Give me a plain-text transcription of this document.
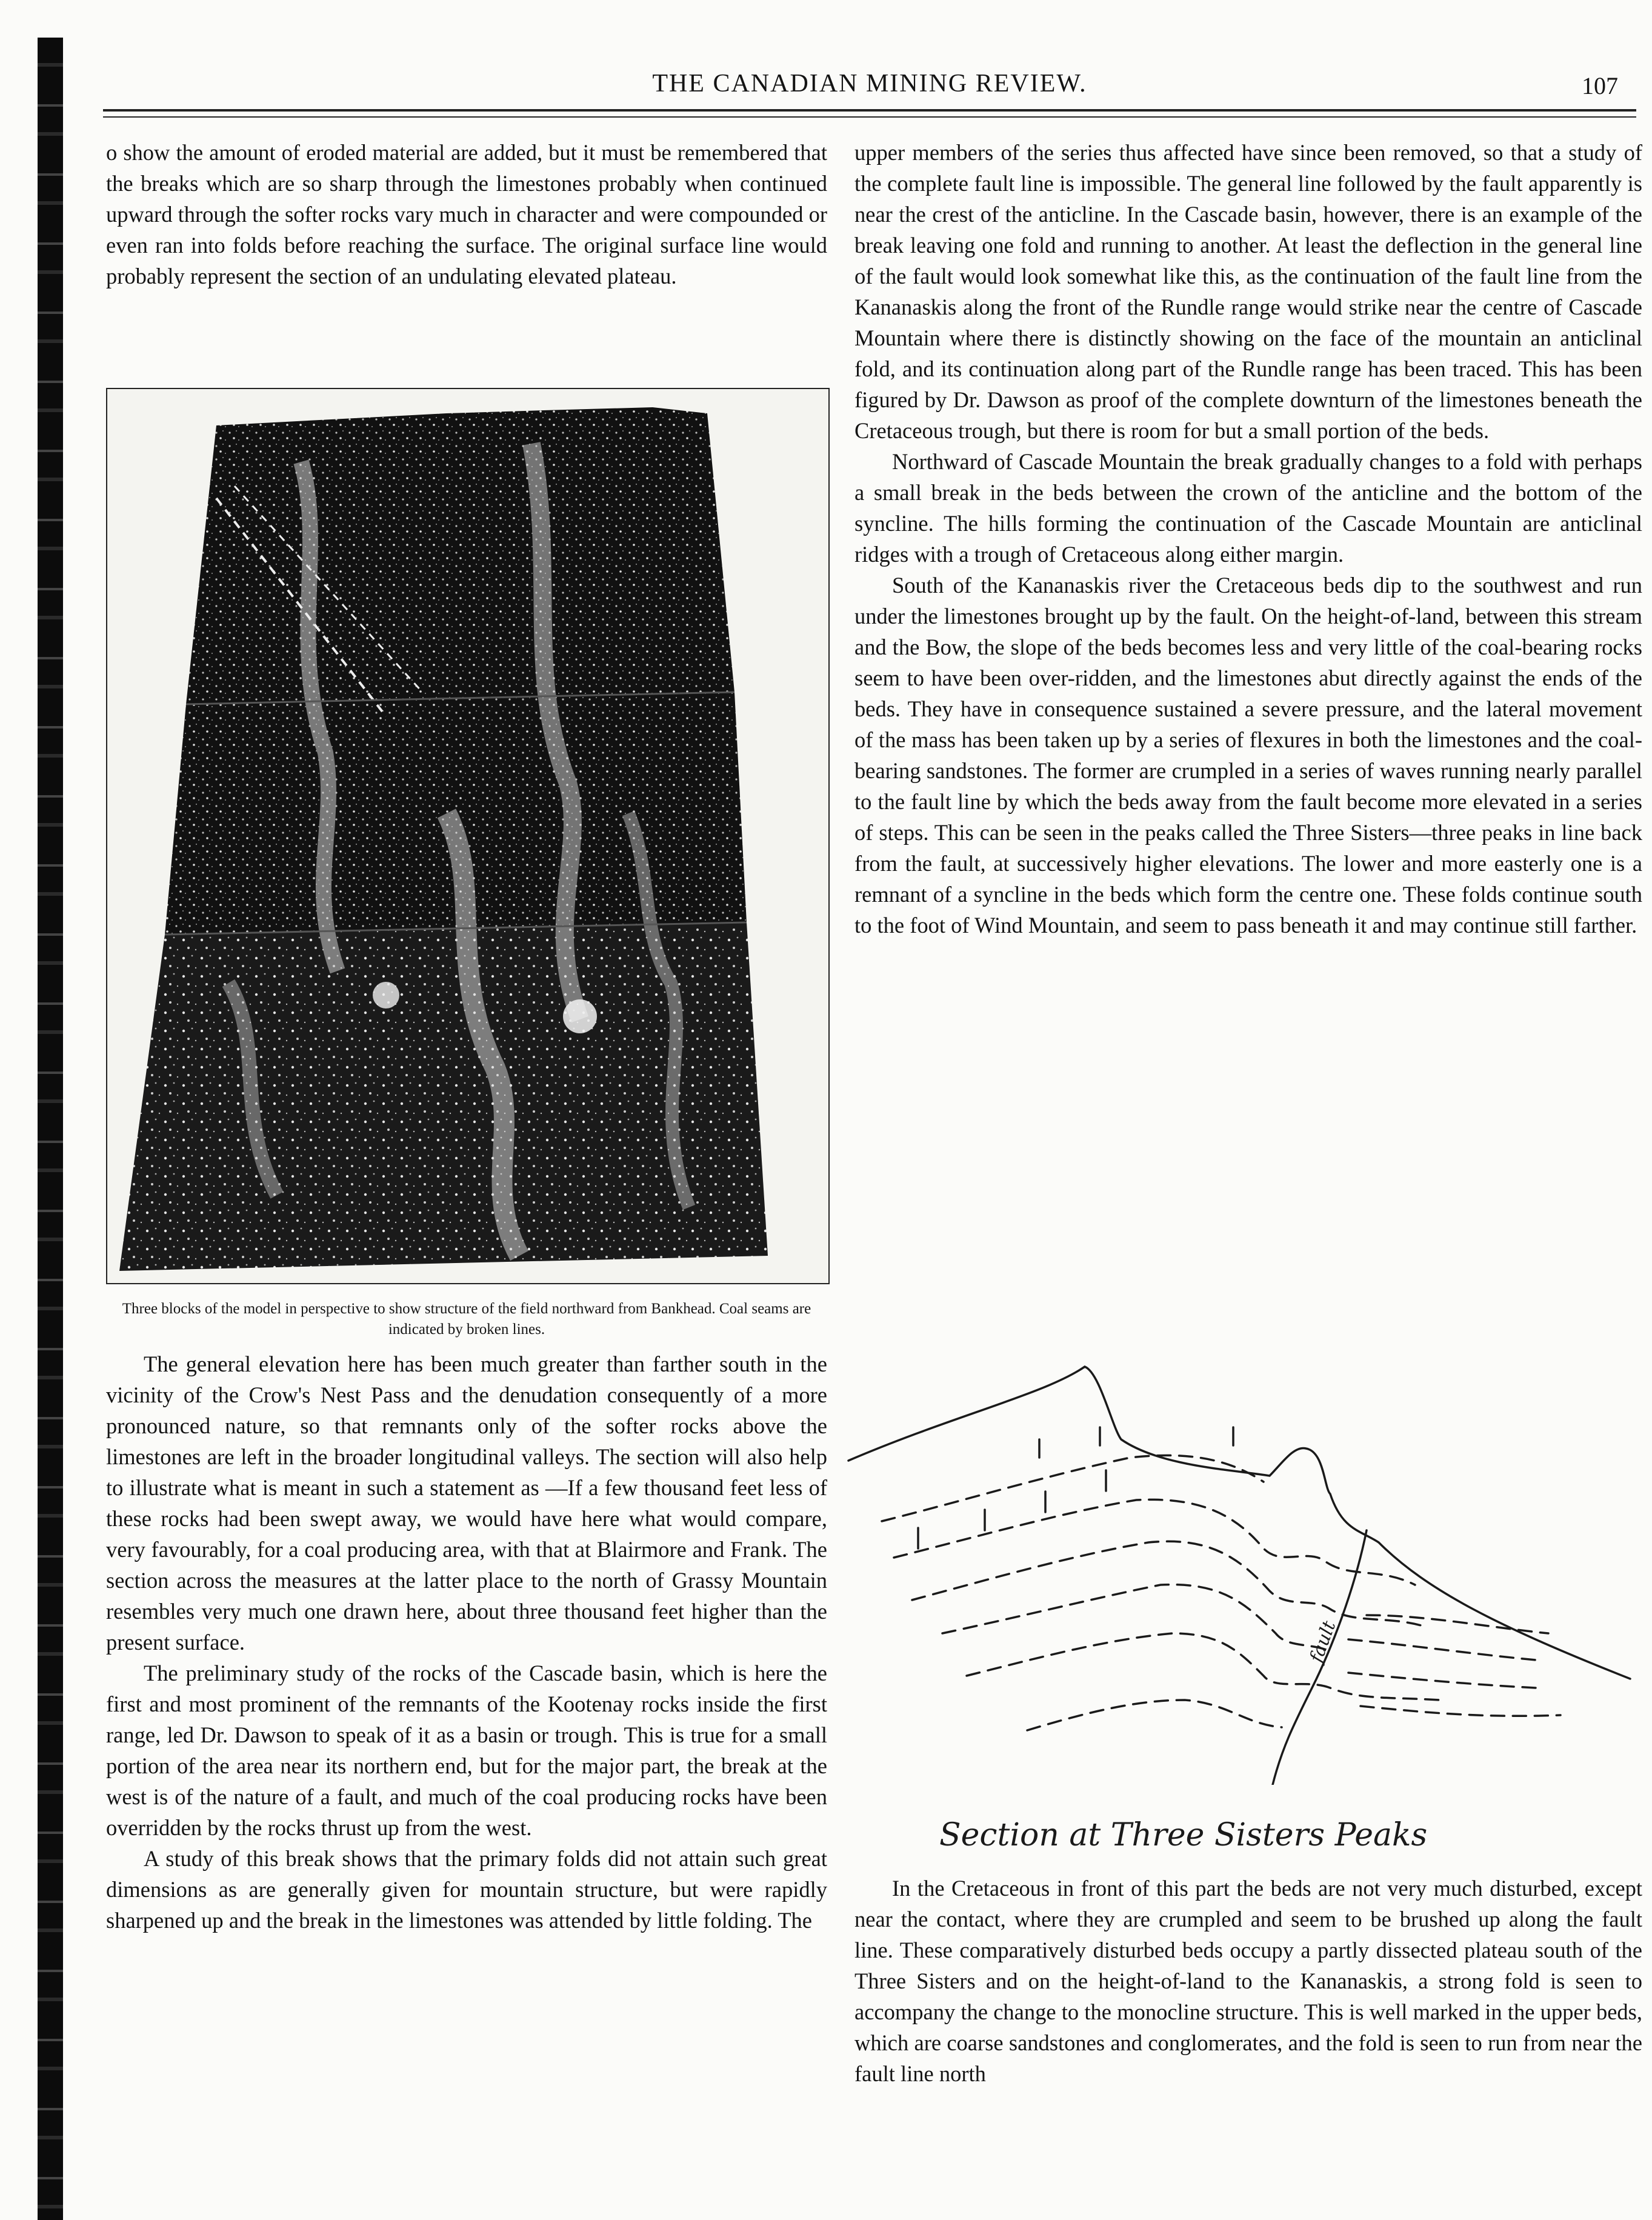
THE CANADIAN MINING REVIEW.	107

o show the amount of eroded material are added, but it must be remembered that the breaks which are so sharp through the limestones probably when continued upward through the softer rocks vary much in character and were compounded or even ran into folds before reaching the surface. The original surface line would probably represent the section of an undulating elevated plateau.

Three blocks of the model in perspective to show structure of the field northward from Bankhead. Coal seams are indicated by broken lines.

The general elevation here has been much greater than farther south in the vicinity of the Crow's Nest Pass and the denudation consequently of a more pronounced nature, so that remnants only of the softer rocks above the limestones are left in the broader longitudinal valleys. The section will also help to illustrate what is meant in such a statement as —If a few thousand feet less of these rocks had been swept away, we would have here what would compare, very favourably, for a coal producing area, with that at Blairmore and Frank. The section across the measures at the latter place to the north of Grassy Mountain resembles very much one drawn here, about three thousand feet higher than the present surface.

The preliminary study of the rocks of the Cascade basin, which is here the first and most prominent of the remnants of the Kootenay rocks inside the first range, led Dr. Dawson to speak of it as a basin or trough. This is true for a small portion of the area near its northern end, but for the major part, the break at the west is of the nature of a fault, and much of the coal producing rocks have been overridden by the rocks thrust up from the west.

A study of this break shows that the primary folds did not attain such great dimensions as are generally given for mountain structure, but were rapidly sharpened up and the break in the limestones was attended by little folding. The

upper members of the series thus affected have since been removed, so that a study of the complete fault line is impossible. The general line followed by the fault apparently is near the crest of the anticline. In the Cascade basin, however, there is an example of the break leaving one fold and running to another. At least the deflection in the general line of the fault would look somewhat like this, as the continuation of the fault line from the Kananaskis along the front of the Rundle range would strike near the centre of Cascade Mountain where there is distinctly showing on the face of the mountain an anticlinal fold, and its continuation along part of the Rundle range has been traced. This has been figured by Dr. Dawson as proof of the complete downturn of the limestones beneath the Cretaceous trough, but there is room for but a small portion of the beds.

Northward of Cascade Mountain the break gradually changes to a fold with perhaps a small break in the beds between the crown of the anticline and the bottom of the syncline. The hills forming the continuation of the Cascade Mountain are anticlinal ridges with a trough of Cretaceous along either margin.

South of the Kananaskis river the Cretaceous beds dip to the southwest and run under the limestones brought up by the fault. On the height-of-land, between this stream and the Bow, the slope of the beds becomes less and very little of the coal-bearing rocks seem to have been over-ridden, and the limestones abut directly against the ends of the beds. They have in consequence sustained a severe pressure, and the lateral movement of the mass has been taken up by a series of flexures in both the limestones and the coal-bearing sandstones. The former are crumpled in a series of waves running nearly parallel to the fault line by which the beds away from the fault become more elevated in a series of steps. This can be seen in the peaks called the Three Sisters—three peaks in line back from the fault, at successively higher elevations. The lower and more easterly one is a remnant of a syncline in the beds which form the centre one. These folds continue south to the foot of Wind Mountain, and seem to pass beneath it and may continue still farther.

fault
Section at Three Sisters Peaks

In the Cretaceous in front of this part the beds are not very much disturbed, except near the contact, where they are crumpled and seem to be brushed up along the fault line. These comparatively disturbed beds occupy a partly dissected plateau south of the Three Sisters and on the height-of-land to the Kananaskis, a strong fold is seen to accompany the change to the monocline structure. This is well marked in the upper beds, which are coarse sandstones and conglomerates, and the fold is seen to run from near the fault line north
